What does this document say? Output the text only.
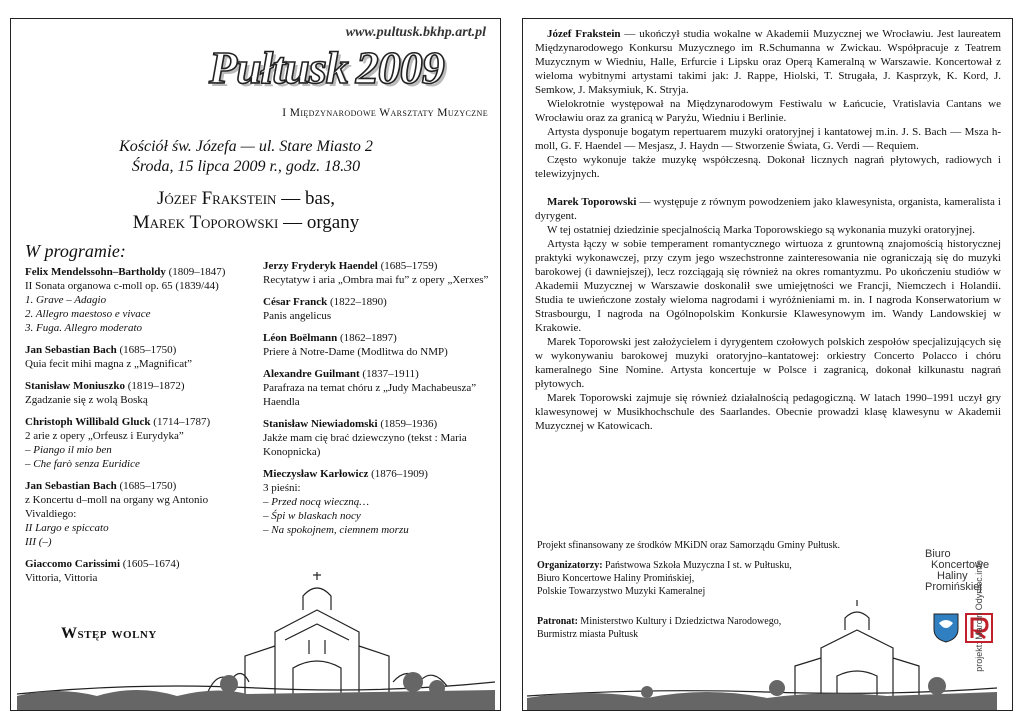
www.pultusk.bkhp.art.pl
Pułtusk 2009
I Międzynarodowe Warsztaty Muzyczne
Kościół św. Józefa — ul. Stare Miasto 2
Środa, 15 lipca 2009 r., godz. 18.30
Józef Frakstein — bas,
Marek Toporowski — organy
W programie:
Felix Mendelssohn–Bartholdy (1809–1847)
II Sonata organowa c-moll op. 65 (1839/44)
1. Grave – Adagio
2. Allegro maestoso e vivace
3. Fuga. Allegro moderato
Jan Sebastian Bach (1685–1750)
Quia fecit mihi magna z „Magnificat”
Stanisław Moniuszko (1819–1872)
Zgadzanie się z wolą Boską
Christoph Willibald Gluck (1714–1787)
2 arie z opery „Orfeusz i Eurydyka”
– Piango il mio ben
– Che farò senza Euridice
Jan Sebastian Bach (1685–1750)
z Koncertu d–moll na organy wg Antonio Vivaldiego:
II Largo e spiccato
III (–)
Giaccomo Carissimi (1605–1674)
Vittoria, Vittoria
Jerzy Fryderyk Haendel (1685–1759)
Recytatyw i aria „Ombra mai fu” z opery „Xerxes”
César Franck (1822–1890)
Panis angelicus
Léon Boëlmann (1862–1897)
Priere à Notre-Dame (Modlitwa do NMP)
Alexandre Guilmant (1837–1911)
Parafraza na temat chóru z „Judy Machabeusza” Haendla
Stanisław Niewiadomski (1859–1936)
Jakże mam cię brać dziewczyno (tekst : Maria Konopnicka)
Mieczysław Karłowicz (1876–1909)
3 pieśni:
– Przed nocą wieczną…
– Śpi w blaskach nocy
– Na spokojnem, ciemnem morzu
Wstęp wolny

Józef Frakstein — ukończył studia wokalne w Akademii Muzycznej we Wrocławiu. Jest laureatem Międzynarodowego Konkursu Muzycznego im R.Schumanna w Zwickau. Współpracuje z Teatrem Muzycznym w Wiedniu, Halle, Erfurcie i Lipsku oraz Operą Kameralną w Warszawie. Koncertował z wieloma wybitnymi artystami takimi jak: J. Rappe, Hiolski, T. Strugała, J. Kasprzyk, K. Kord, J. Semkow, J. Maksymiuk, K. Stryja.

Wielokrotnie występował na Międzynarodowym Festiwalu w Łańcucie, Vratislavia Cantans we Wrocławiu oraz za granicą w Paryżu, Wiedniu i Berlinie.

Artysta dysponuje bogatym repertuarem muzyki oratoryjnej i kantatowej m.in. J. S. Bach — Msza h-moll, G. F. Haendel — Mesjasz, J. Haydn — Stworzenie Świata, G. Verdi — Requiem.

Często wykonuje także muzykę współczesną. Dokonał licznych nagrań płytowych, radiowych i telewizyjnych.

Marek Toporowski — występuje z równym powodzeniem jako klawesynista, organista, kameralista i dyrygent.

W tej ostatniej dziedzinie specjalnością Marka Toporowskiego są wykonania muzyki oratoryjnej.

Artysta łączy w sobie temperament romantycznego wirtuoza z gruntowną znajomością historycznej praktyki wykonawczej, przy czym jego wszechstronne zainteresowania nie ograniczają się do muzyki barokowej (i dawniejszej), lecz rozciągają się również na okres romantyzmu. Po ukończeniu studiów w Akademii Muzycznej w Warszawie doskonalił swe umiejętności we Francji, Niemczech i Holandii. Studia te uwieńczone zostały wieloma nagrodami i wyróżnieniami m. in. I nagroda Konserwatorium w Strasbourgu, I nagroda na Ogólnopolskim Konkursie Klawesynowym im. Wandy Landowskiej w Krakowie.

Marek Toporowski jest założycielem i dyrygentem czołowych polskich zespołów specjalizujących się w wykonywaniu barokowej muzyki oratoryjno–kantatowej: orkiestry Concerto Polacco i chóru kameralnego Sine Nomine. Artysta koncertuje w Polsce i zagranicą, dokonał kilkunastu nagrań płytowych.

Marek Toporowski zajmuje się również działalnością pedagogiczną. W latach 1990–1991 uczył gry klawesynowej w Musikhochschule des Saarlandes. Obecnie prowadzi klasę klawesynu w Akademii Muzycznej w Katowicach.

Projekt sfinansowany ze środków MKiDN oraz Samorządu Gminy Pułtusk.
Organizatorzy: Państwowa Szkoła Muzyczna I st. w Pułtusku,
Biuro Koncertowe Haliny Promińskiej,
Polskie Towarzystwo Muzyki Kameralnej
Patronat: Ministerstwo Kultury i Dziedzictwa Narodowego,
Burmistrz miasta Pułtusk
Biuro
Koncertowe
Haliny
Promińskiej
projekt: Marcin Odyniec.info
